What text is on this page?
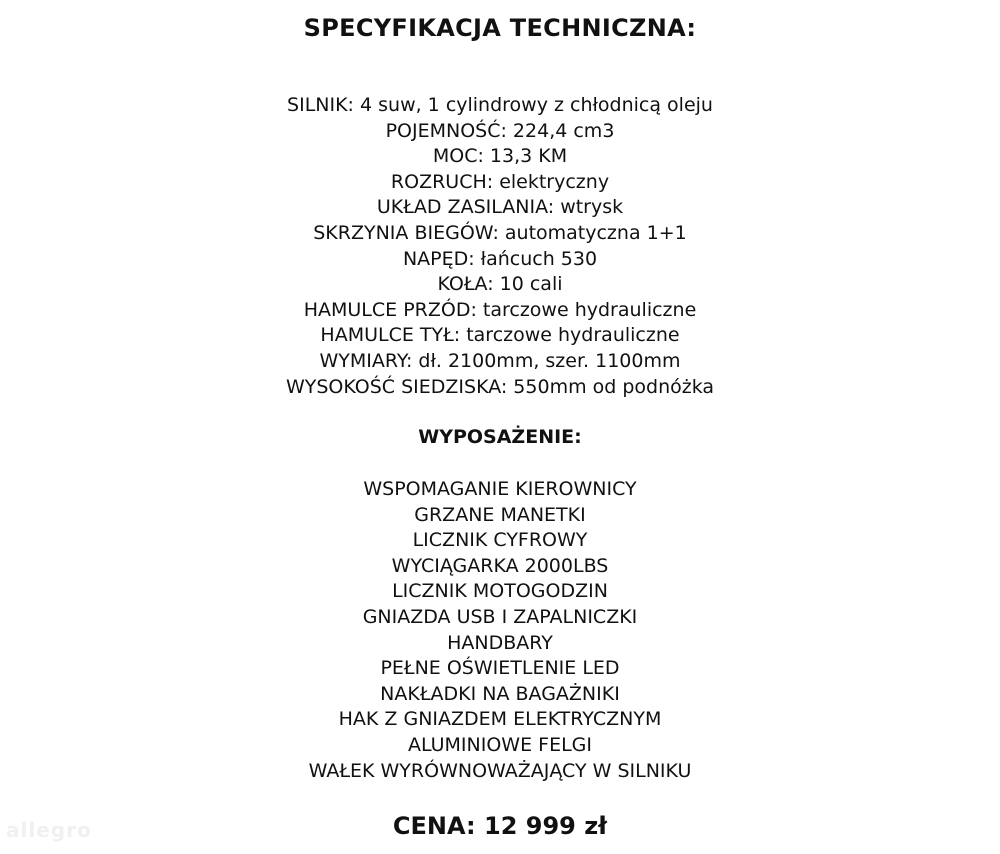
SPECYFIKACJA TECHNICZNA:
SILNIK: 4 suw, 1 cylindrowy z chłodnicą oleju
POJEMNOŚĆ: 224,4 cm3
MOC: 13,3 KM
ROZRUCH: elektryczny
UKŁAD ZASILANIA: wtrysk
SKRZYNIA BIEGÓW: automatyczna 1+1
NAPĘD: łańcuch 530
KOŁA: 10 cali
HAMULCE PRZÓD: tarczowe hydrauliczne
HAMULCE TYŁ: tarczowe hydrauliczne
WYMIARY: dł. 2100mm, szer. 1100mm
WYSOKOŚĆ SIEDZISKA: 550mm od podnóżka
WYPOSAŻENIE:
WSPOMAGANIE KIEROWNICY
GRZANE MANETKI
LICZNIK CYFROWY
WYCIĄGARKA 2000LBS
LICZNIK MOTOGODZIN
GNIAZDA USB I ZAPALNICZKI
HANDBARY
PEŁNE OŚWIETLENIE LED
NAKŁADKI NA BAGAŻNIKI
HAK Z GNIAZDEM ELEKTRYCZNYM
ALUMINIOWE FELGI
WAŁEK WYRÓWNOWAŻAJĄCY W SILNIKU
CENA: 12 999 zł
allegro
